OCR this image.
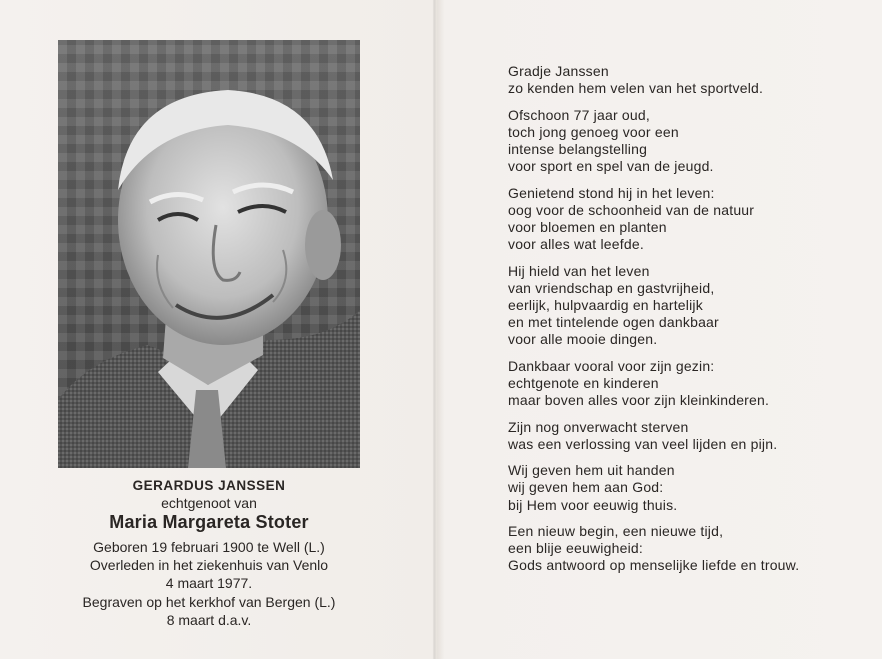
GERARDUS JANSSEN
echtgenoot van
Maria Margareta Stoter
Geboren 19 februari 1900 te Well (L.)
Overleden in het ziekenhuis van Venlo
4 maart 1977.
Begraven op het kerkhof van Bergen (L.)
8 maart d.a.v.
Gradje Janssen
zo kenden hem velen van het sportveld.
Ofschoon 77 jaar oud,
toch jong genoeg voor een
intense belangstelling
voor sport en spel van de jeugd.
Genietend stond hij in het leven:
oog voor de schoonheid van de natuur
voor bloemen en planten
voor alles wat leefde.
Hij hield van het leven
van vriendschap en gastvrijheid,
eerlijk, hulpvaardig en hartelijk
en met tintelende ogen dankbaar
voor alle mooie dingen.
Dankbaar vooral voor zijn gezin:
echtgenote en kinderen
maar boven alles voor zijn kleinkinderen.
Zijn nog onverwacht sterven
was een verlossing van veel lijden en pijn.
Wij geven hem uit handen
wij geven hem aan God:
bij Hem voor eeuwig thuis.
Een nieuw begin, een nieuwe tijd,
een blije eeuwigheid:
Gods antwoord op menselijke liefde en trouw.
